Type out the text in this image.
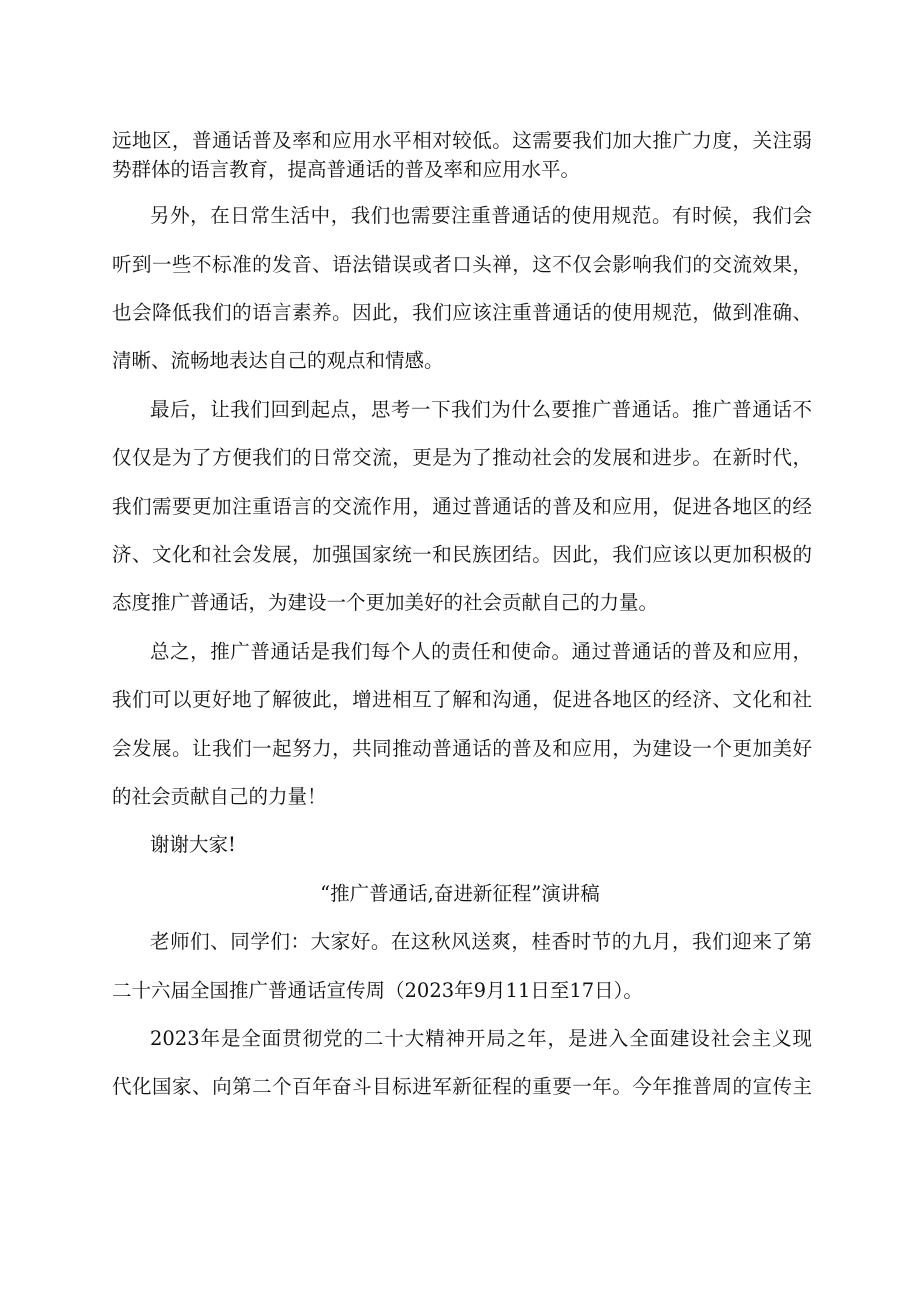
远地区，普通话普及率和应用水平相对较低。这需要我们加大推广力度，关注弱
势群体的语言教育，提高普通话的普及率和应用水平。
另外，在日常生活中，我们也需要注重普通话的使用规范。有时候，我们会
听到一些不标准的发音、语法错误或者口头禅，这不仅会影响我们的交流效果，
也会降低我们的语言素养。因此，我们应该注重普通话的使用规范，做到准确、
清晰、流畅地表达自己的观点和情感。
最后，让我们回到起点，思考一下我们为什么要推广普通话。推广普通话不
仅仅是为了方便我们的日常交流，更是为了推动社会的发展和进步。在新时代，
我们需要更加注重语言的交流作用，通过普通话的普及和应用，促进各地区的经
济、文化和社会发展，加强国家统一和民族团结。因此，我们应该以更加积极的
态度推广普通话，为建设一个更加美好的社会贡献自己的力量。
总之，推广普通话是我们每个人的责任和使命。通过普通话的普及和应用，
我们可以更好地了解彼此，增进相互了解和沟通，促进各地区的经济、文化和社
会发展。让我们一起努力，共同推动普通话的普及和应用，为建设一个更加美好
的社会贡献自己的力量！
谢谢大家!
“推广普通话,奋进新征程”演讲稿
老师们、同学们：大家好。在这秋风送爽，桂香时节的九月，我们迎来了第
二十六届全国推广普通话宣传周（2023年9月11日至17日）。
2023年是全面贯彻党的二十大精神开局之年，是进入全面建设社会主义现
代化国家、向第二个百年奋斗目标进军新征程的重要一年。今年推普周的宣传主
